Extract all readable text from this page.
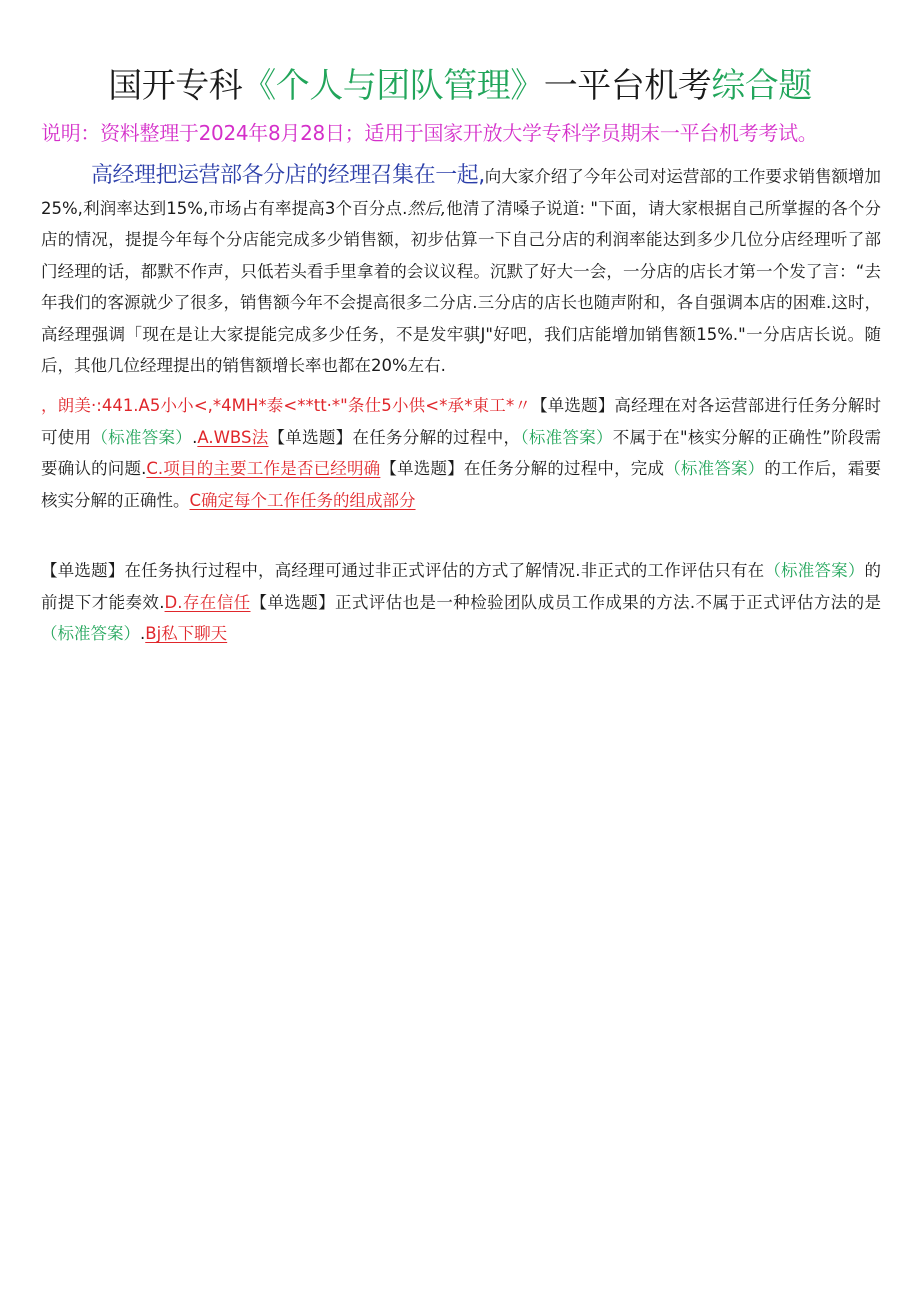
国开专科《个人与团队管理》一平台机考综合题
说明：资料整理于2024年8月28日；适用于国家开放大学专科学员期末一平台机考考试。
高经理把运营部各分店的经理召集在一起,向大家介绍了今年公司对运营部的工作要求销售额增加25%,利润率达到15%,市场占有率提高3个百分点.然后,他清了清嗓子说道: "下面，请大家根据自己所掌握的各个分店的情况，提提今年每个分店能完成多少销售额，初步估算一下自己分店的利润率能达到多少几位分店经理听了部门经理的话，都默不作声，只低若头看手里拿着的会议议程。沉默了好大一会，一分店的店长才第一个发了言：“去年我们的客源就少了很多，销售额今年不会提高很多二分店.三分店的店长也随声附和，各自强调本店的困难.这时，高经理强调「现在是让大家提能完成多少任务，不是发牢骐J"好吧，我们店能增加销售额15%."一分店店长说。随后，其他几位经理提出的销售额增长率也都在20%左右.
，朗美·:441.A5小小<,*4MH*泰<**tt·*"条仕5小供<*承*東工*〃【单选题】高经理在对各运营部进行任务分解时可使用（标准答案）.A.WBS法【单选题】在任务分解的过程中，（标准答案）不属于在"核实分解的正确性”阶段需要确认的问题.C.项目的主要工作是否已经明确【单选题】在任务分解的过程中，完成（标准答案）的工作后，霜要核实分解的正确性。C确定每个工作任务的组成部分
【单选题】在任务执行过程中，高经理可通过非正式评估的方式了解情况.非正式的工作评估只有在（标准答案）的前提下才能奏效.D.存在信任【单选题】正式评估也是一种检验团队成员工作成果的方法.不属于正式评估方法的是（标准答案）.Bj私下聊天
